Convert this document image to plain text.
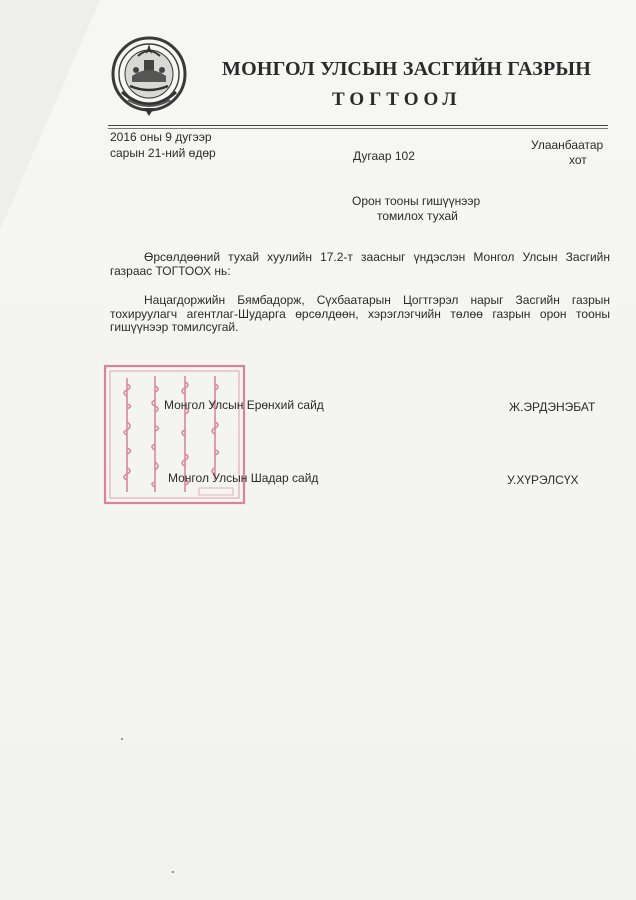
МОНГОЛ УЛСЫН ЗАСГИЙН ГАЗРЫН
ТОГТООЛ
2016 оны 9 дугээр
сарын 21-ний өдөр	Дугаар 102
Улаанбаатар
хот
Орон тооны гишүүнээр
томилох тухай
Өрсөлдөөний тухай хуулийн 17.2-т заасныг үндэслэн Монгол Улсын Засгийн газраас ТОГТООХ нь:
Нацагдоржийн Бямбадорж, Сүхбаатарын Цогтгэрэл нарыг Засгийн газрын тохируулагч агентлаг-Шударга өрсөлдөөн, хэрэглэгчийн төлөө газрын орон тооны гишүүнээр томилсугай.
Монгол Улсын Ерөнхий сайд	Ж.ЭРДЭНЭБАТ
Монгол Улсын Шадар сайд	У.ХҮРЭЛСҮХ
